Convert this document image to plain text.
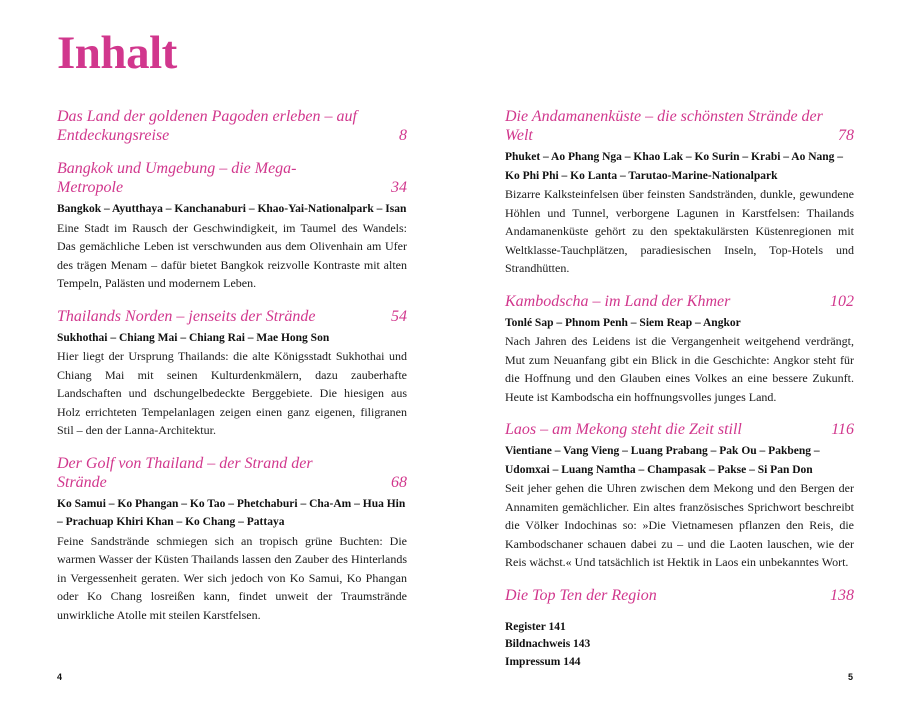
Inhalt
Das Land der goldenen Pagoden erleben – auf Entdeckungsreise	8
Bangkok und Umgebung – die Mega-Metropole	34
Bangkok – Ayutthaya – Kanchanaburi – Khao-Yai-Nationalpark – Isan
Eine Stadt im Rausch der Geschwindigkeit, im Taumel des Wandels: Das gemächliche Leben ist verschwunden aus dem Olivenhain am Ufer des trägen Menam – dafür bietet Bangkok reizvolle Kontraste mit alten Tempeln, Palästen und modernem Leben.
Thailands Norden – jenseits der Strände	54
Sukhothai – Chiang Mai – Chiang Rai – Mae Hong Son
Hier liegt der Ursprung Thailands: die alte Königsstadt Sukhothai und Chiang Mai mit seinen Kulturdenkmälern, dazu zauberhafte Landschaften und dschungelbedeckte Berggebiete. Die hiesigen aus Holz errichteten Tempelanlagen zeigen einen ganz eigenen, filigranen Stil – den der Lanna-Architektur.
Der Golf von Thailand – der Strand der Strände	68
Ko Samui – Ko Phangan – Ko Tao – Phetchaburi – Cha-Am – Hua Hin – Prachuap Khiri Khan – Ko Chang – Pattaya
Feine Sandstrände schmiegen sich an tropisch grüne Buchten: Die warmen Wasser der Küsten Thailands lassen den Zauber des Hinterlands in Vergessenheit geraten. Wer sich jedoch von Ko Samui, Ko Phangan oder Ko Chang losreißen kann, findet unweit der Traumstrände unwirkliche Atolle mit steilen Karstfelsen.
Die Andamanenküste – die schönsten Strände der Welt	78
Phuket – Ao Phang Nga – Khao Lak – Ko Surin – Krabi – Ao Nang – Ko Phi Phi – Ko Lanta – Tarutao-Marine-Nationalpark
Bizarre Kalksteinfelsen über feinsten Sandstränden, dunkle, gewundene Höhlen und Tunnel, verborgene Lagunen in Karstfelsen: Thailands Andamanenküste gehört zu den spektakulärsten Küstenregionen mit Weltklasse-Tauchplätzen, paradiesischen Inseln, Top-Hotels und Strandhütten.
Kambodscha – im Land der Khmer	102
Tonlé Sap – Phnom Penh – Siem Reap – Angkor
Nach Jahren des Leidens ist die Vergangenheit weitgehend verdrängt, Mut zum Neuanfang gibt ein Blick in die Geschichte: Angkor steht für die Hoffnung und den Glauben eines Volkes an eine bessere Zukunft. Heute ist Kambodscha ein hoffnungsvolles junges Land.
Laos – am Mekong steht die Zeit still	116
Vientiane – Vang Vieng – Luang Prabang – Pak Ou – Pakbeng – Udomxai – Luang Namtha – Champasak – Pakse – Si Pan Don
Seit jeher gehen die Uhren zwischen dem Mekong und den Bergen der Annamiten gemächlicher. Ein altes französisches Sprichwort beschreibt die Völker Indochinas so: »Die Vietnamesen pflanzen den Reis, die Kambodschaner schauen dabei zu – und die Laoten lauschen, wie der Reis wächst.« Und tatsächlich ist Hektik in Laos ein unbekanntes Wort.
Die Top Ten der Region	138
Register 141
Bildnachweis 143
Impressum 144
4	5
